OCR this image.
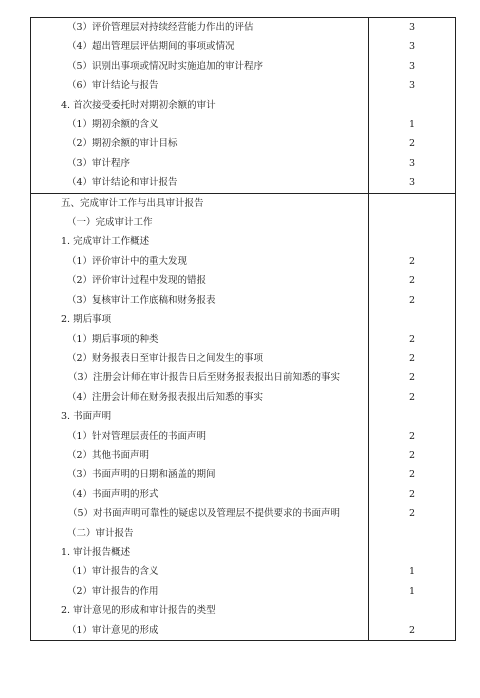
（3）评价管理层对持续经营能力作出的评估	3

（4）超出管理层评估期间的事项或情况	3

（5）识别出事项或情况时实施追加的审计程序	3

（6）审计结论与报告	3

4. 首次接受委托时对期初余额的审计	

（1）期初余额的含义	1

（2）期初余额的审计目标	2

（3）审计程序	3

（4）审计结论和审计报告	3

五、完成审计工作与出具审计报告	

（一）完成审计工作	

1. 完成审计工作概述	

（1）评价审计中的重大发现	2

（2）评价审计过程中发现的错报	2

（3）复核审计工作底稿和财务报表	2

2. 期后事项	

（1）期后事项的种类	2

（2）财务报表日至审计报告日之间发生的事项	2

（3）注册会计师在审计报告日后至财务报表报出日前知悉的事实	2

（4）注册会计师在财务报表报出后知悉的事实	2

3. 书面声明	

（1）针对管理层责任的书面声明	2

（2）其他书面声明	2

（3）书面声明的日期和涵盖的期间	2

（4）书面声明的形式	2

（5）对书面声明可靠性的疑虑以及管理层不提供要求的书面声明	2

（二）审计报告	

1. 审计报告概述	

（1）审计报告的含义	1

（2）审计报告的作用	1

2. 审计意见的形成和审计报告的类型	

（1）审计意见的形成	2
